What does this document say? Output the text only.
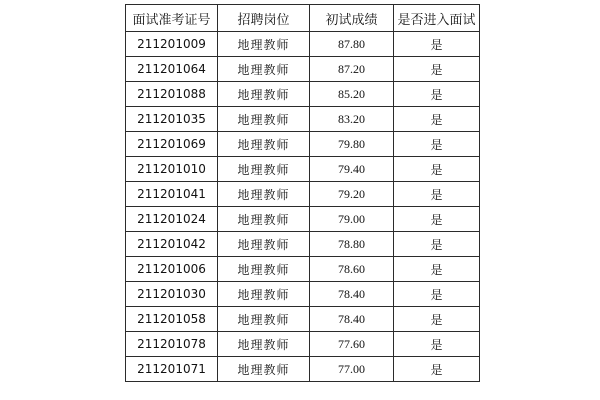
面试准考证号	招聘岗位	初试成绩	是否进入面试
211201009	地理教师	87.80	是
211201064	地理教师	87.20	是
211201088	地理教师	85.20	是
211201035	地理教师	83.20	是
211201069	地理教师	79.80	是
211201010	地理教师	79.40	是
211201041	地理教师	79.20	是
211201024	地理教师	79.00	是
211201042	地理教师	78.80	是
211201006	地理教师	78.60	是
211201030	地理教师	78.40	是
211201058	地理教师	78.40	是
211201078	地理教师	77.60	是
211201071	地理教师	77.00	是
